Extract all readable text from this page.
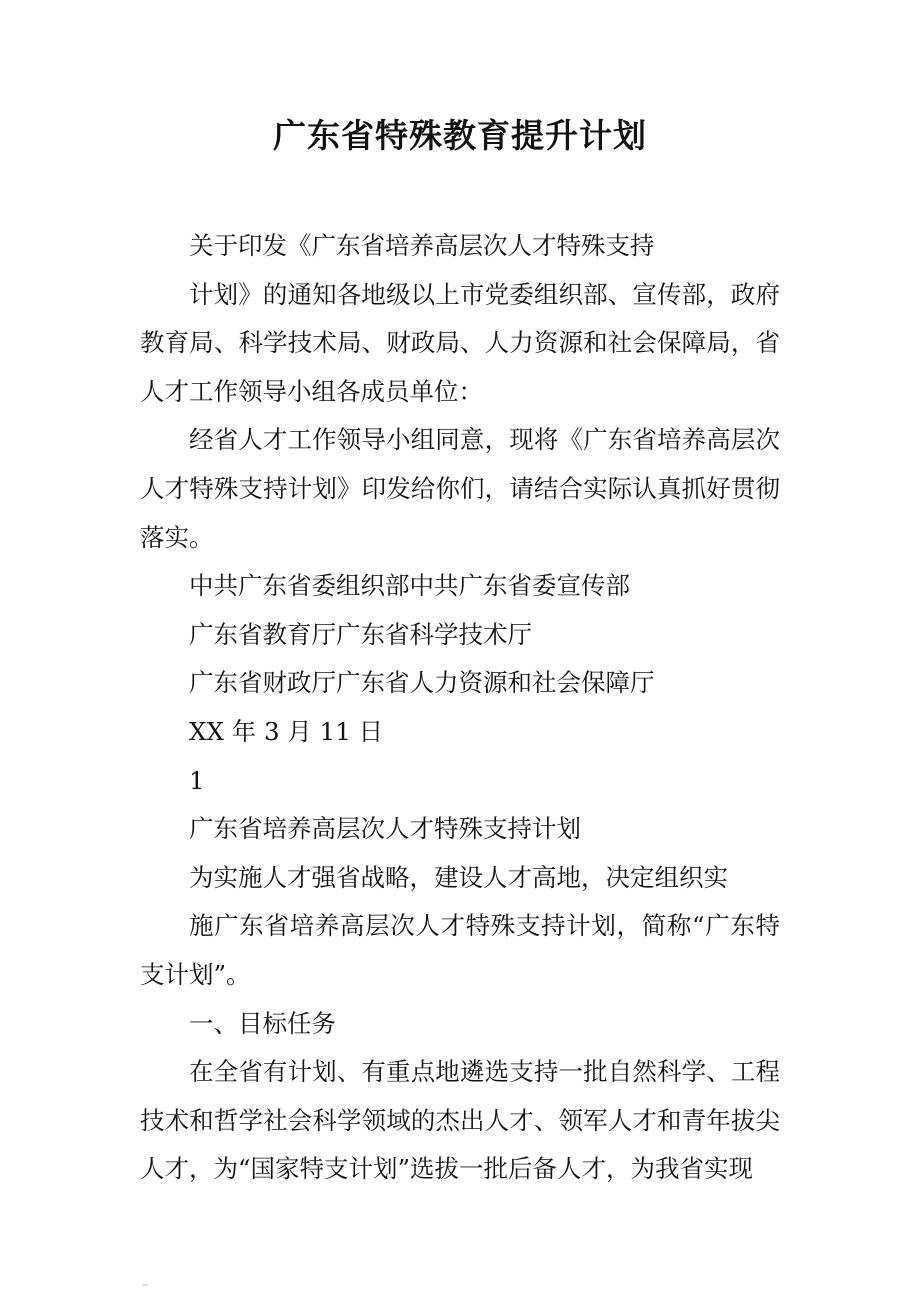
广东省特殊教育提升计划

关于印发《广东省培养高层次人才特殊支持

计划》的通知各地级以上市党委组织部、宣传部，政府教育局、科学技术局、财政局、人力资源和社会保障局，省人才工作领导小组各成员单位：

经省人才工作领导小组同意，现将《广东省培养高层次人才特殊支持计划》印发给你们，请结合实际认真抓好贯彻落实。

中共广东省委组织部中共广东省委宣传部

广东省教育厅广东省科学技术厅

广东省财政厅广东省人力资源和社会保障厅

XX 年 3 月 11 日

1

广东省培养高层次人才特殊支持计划

为实施人才强省战略，建设人才高地，决定组织实

施广东省培养高层次人才特殊支持计划，简称“广东特支计划”。

一、目标任务

在全省有计划、有重点地遴选支持一批自然科学、工程技术和哲学社会科学领域的杰出人才、领军人才和青年拔尖人才，为“国家特支计划”选拔一批后备人才，为我省实现
